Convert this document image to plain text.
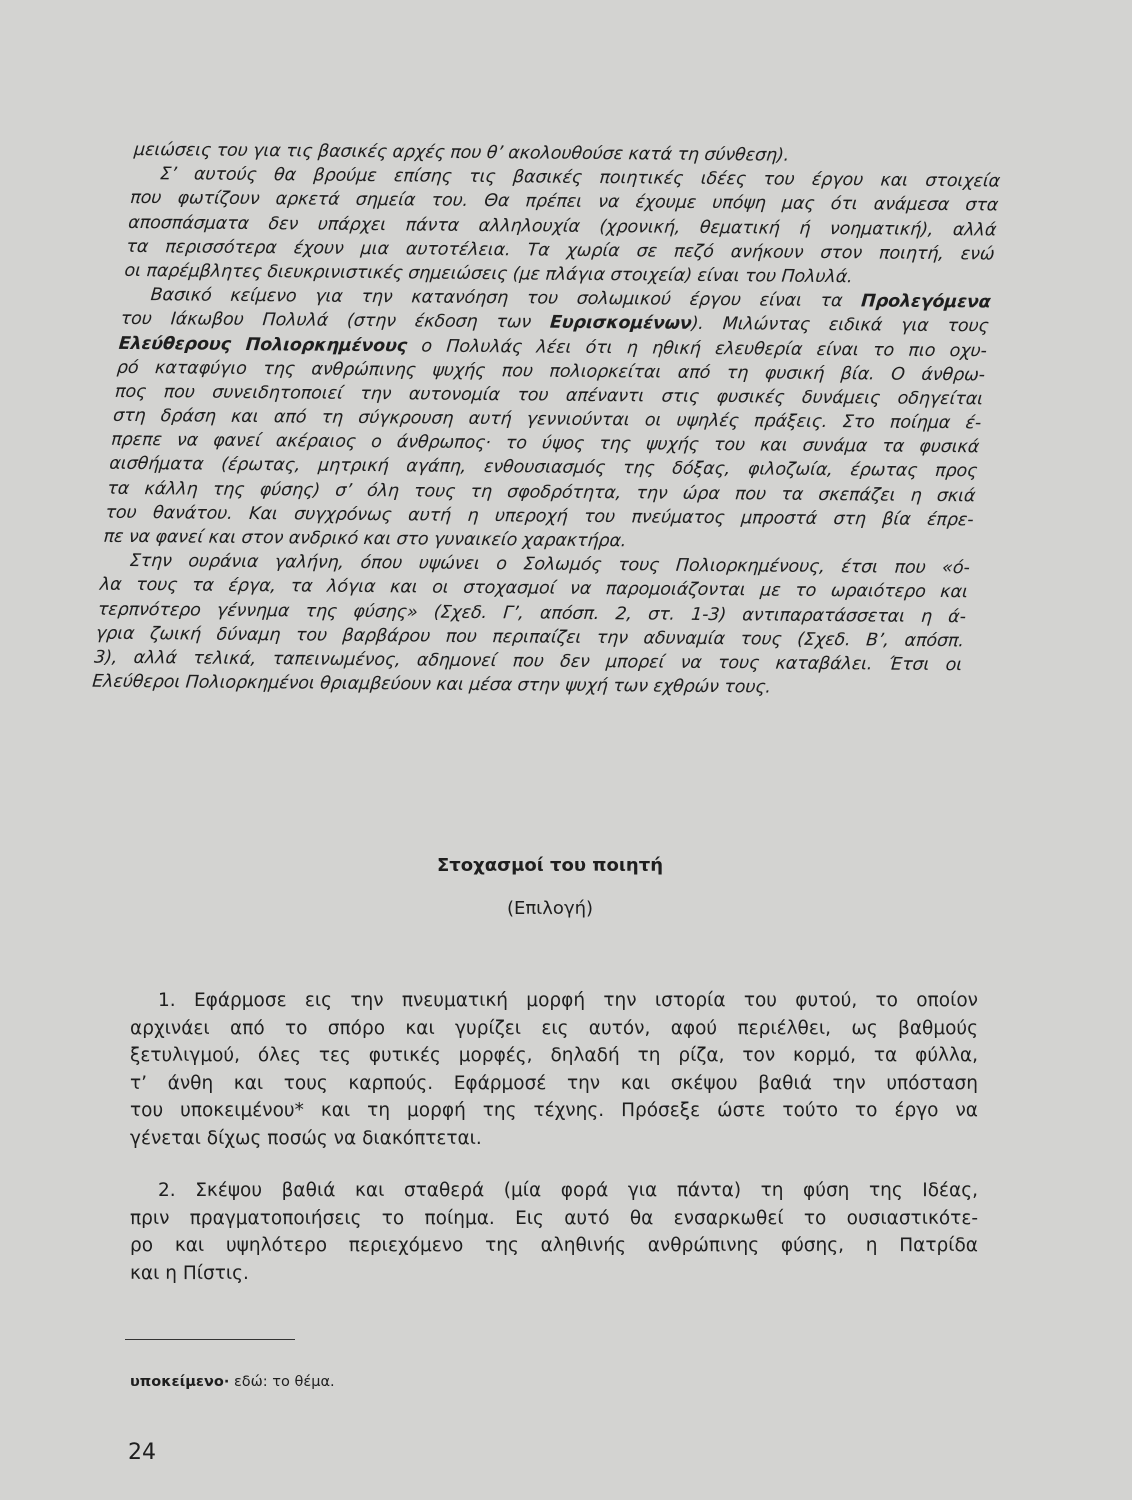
μειώσεις του για τις βασικές αρχές που θ’ ακολουθούσε κατά τη σύνθεση).
Σ’ αυτούς θα βρούμε επίσης τις βασικές ποιητικές ιδέες του έργου και στοιχεία
που φωτίζουν αρκετά σημεία του. Θα πρέπει να έχουμε υπόψη μας ότι ανάμεσα στα
αποσπάσματα δεν υπάρχει πάντα αλληλουχία (χρονική, θεματική ή νοηματική), αλλά
τα περισσότερα έχουν μια αυτοτέλεια. Τα χωρία σε πεζό ανήκουν στον ποιητή, ενώ
οι παρέμβλητες διευκρινιστικές σημειώσεις (με πλάγια στοιχεία) είναι του Πολυλά.
Βασικό κείμενο για την κατανόηση του σολωμικού έργου είναι τα Προλεγόμενα
του Ιάκωβου Πολυλά (στην έκδοση των Ευρισκομένων). Μιλώντας ειδικά για τους
Ελεύθερους Πολιορκημένους ο Πολυλάς λέει ότι η ηθική ελευθερία είναι το πιο οχυ-
ρό καταφύγιο της ανθρώπινης ψυχής που πολιορκείται από τη φυσική βία. Ο άνθρω-
πος που συνειδητοποιεί την αυτονομία του απέναντι στις φυσικές δυνάμεις οδηγείται
στη δράση και από τη σύγκρουση αυτή γεννιούνται οι υψηλές πράξεις. Στο ποίημα έ-
πρεπε να φανεί ακέραιος ο άνθρωπος· το ύψος της ψυχής του και συνάμα τα φυσικά
αισθήματα (έρωτας, μητρική αγάπη, ενθουσιασμός της δόξας, φιλοζωία, έρωτας προς
τα κάλλη της φύσης) σ’ όλη τους τη σφοδρότητα, την ώρα που τα σκεπάζει η σκιά
του θανάτου. Και συγχρόνως αυτή η υπεροχή του πνεύματος μπροστά στη βία έπρε-
πε να φανεί και στον ανδρικό και στο γυναικείο χαρακτήρα.
Στην ουράνια γαλήνη, όπου υψώνει ο Σολωμός τους Πολιορκημένους, έτσι που «ό-
λα τους τα έργα, τα λόγια και οι στοχασμοί να παρομοιάζονται με το ωραιότερο και
τερπνότερο γέννημα της φύσης» (Σχεδ. Γ’, απόσπ. 2, στ. 1-3) αντιπαρατάσσεται η ά-
γρια ζωική δύναμη του βαρβάρου που περιπαίζει την αδυναμία τους (Σχεδ. Β’, απόσπ.
3), αλλά τελικά, ταπεινωμένος, αδημονεί που δεν μπορεί να τους καταβάλει. Έτσι οι
Ελεύθεροι Πολιορκημένοι θριαμβεύουν και μέσα στην ψυχή των εχθρών τους.
Στοχασμοί του ποιητή
(Επιλογή)
1. Εφάρμοσε εις την πνευματική μορφή την ιστορία του φυτού, το οποίον
αρχινάει από το σπόρο και γυρίζει εις αυτόν, αφού περιέλθει, ως βαθμούς
ξετυλιγμού, όλες τες φυτικές μορφές, δηλαδή τη ρίζα, τον κορμό, τα φύλλα,
τ’ άνθη και τους καρπούς. Εφάρμοσέ την και σκέψου βαθιά την υπόσταση
του υποκειμένου* και τη μορφή της τέχνης. Πρόσεξε ώστε τούτο το έργο να
γένεται δίχως ποσώς να διακόπτεται.
2. Σκέψου βαθιά και σταθερά (μία φορά για πάντα) τη φύση της Ιδέας,
πριν πραγματοποιήσεις το ποίημα. Εις αυτό θα ενσαρκωθεί το ουσιαστικότε-
ρο και υψηλότερο περιεχόμενο της αληθινής ανθρώπινης φύσης, η Πατρίδα
και η Πίστις.
υποκείμενο· εδώ: το θέμα.
24
